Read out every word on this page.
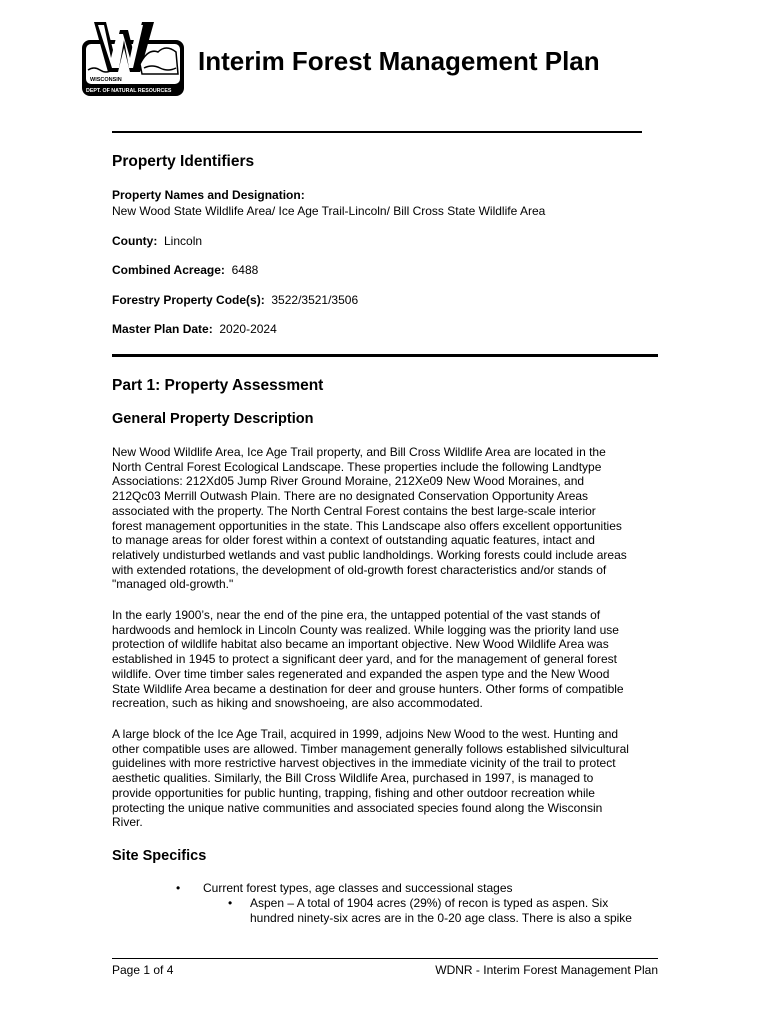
WISCONSIN
DEPT. OF NATURAL RESOURCES
Interim Forest Management Plan
Property Identifiers
Property Names and Designation:
New Wood State Wildlife Area/ Ice Age Trail-Lincoln/ Bill Cross State Wildlife Area
County: Lincoln
Combined Acreage: 6488
Forestry Property Code(s): 3522/3521/3506
Master Plan Date: 2020-2024
Part 1: Property Assessment
General Property Description
New Wood Wildlife Area, Ice Age Trail property, and Bill Cross Wildlife Area are located in the
North Central Forest Ecological Landscape. These properties include the following Landtype
Associations: 212Xd05 Jump River Ground Moraine, 212Xe09 New Wood Moraines, and
212Qc03 Merrill Outwash Plain. There are no designated Conservation Opportunity Areas
associated with the property. The North Central Forest contains the best large-scale interior
forest management opportunities in the state. This Landscape also offers excellent opportunities
to manage areas for older forest within a context of outstanding aquatic features, intact and
relatively undisturbed wetlands and vast public landholdings. Working forests could include areas
with extended rotations, the development of old-growth forest characteristics and/or stands of
"managed old-growth."
In the early 1900’s, near the end of the pine era, the untapped potential of the vast stands of
hardwoods and hemlock in Lincoln County was realized. While logging was the priority land use
protection of wildlife habitat also became an important objective. New Wood Wildlife Area was
established in 1945 to protect a significant deer yard, and for the management of general forest
wildlife. Over time timber sales regenerated and expanded the aspen type and the New Wood
State Wildlife Area became a destination for deer and grouse hunters. Other forms of compatible
recreation, such as hiking and snowshoeing, are also accommodated.
A large block of the Ice Age Trail, acquired in 1999, adjoins New Wood to the west. Hunting and
other compatible uses are allowed. Timber management generally follows established silvicultural
guidelines with more restrictive harvest objectives in the immediate vicinity of the trail to protect
aesthetic qualities. Similarly, the Bill Cross Wildlife Area, purchased in 1997, is managed to
provide opportunities for public hunting, trapping, fishing and other outdoor recreation while
protecting the unique native communities and associated species found along the Wisconsin
River.
Site Specifics
• Current forest types, age classes and successional stages
• Aspen – A total of 1904 acres (29%) of recon is typed as aspen. Six
hundred ninety-six acres are in the 0-20 age class. There is also a spike
Page 1 of 4	WDNR - Interim Forest Management Plan
